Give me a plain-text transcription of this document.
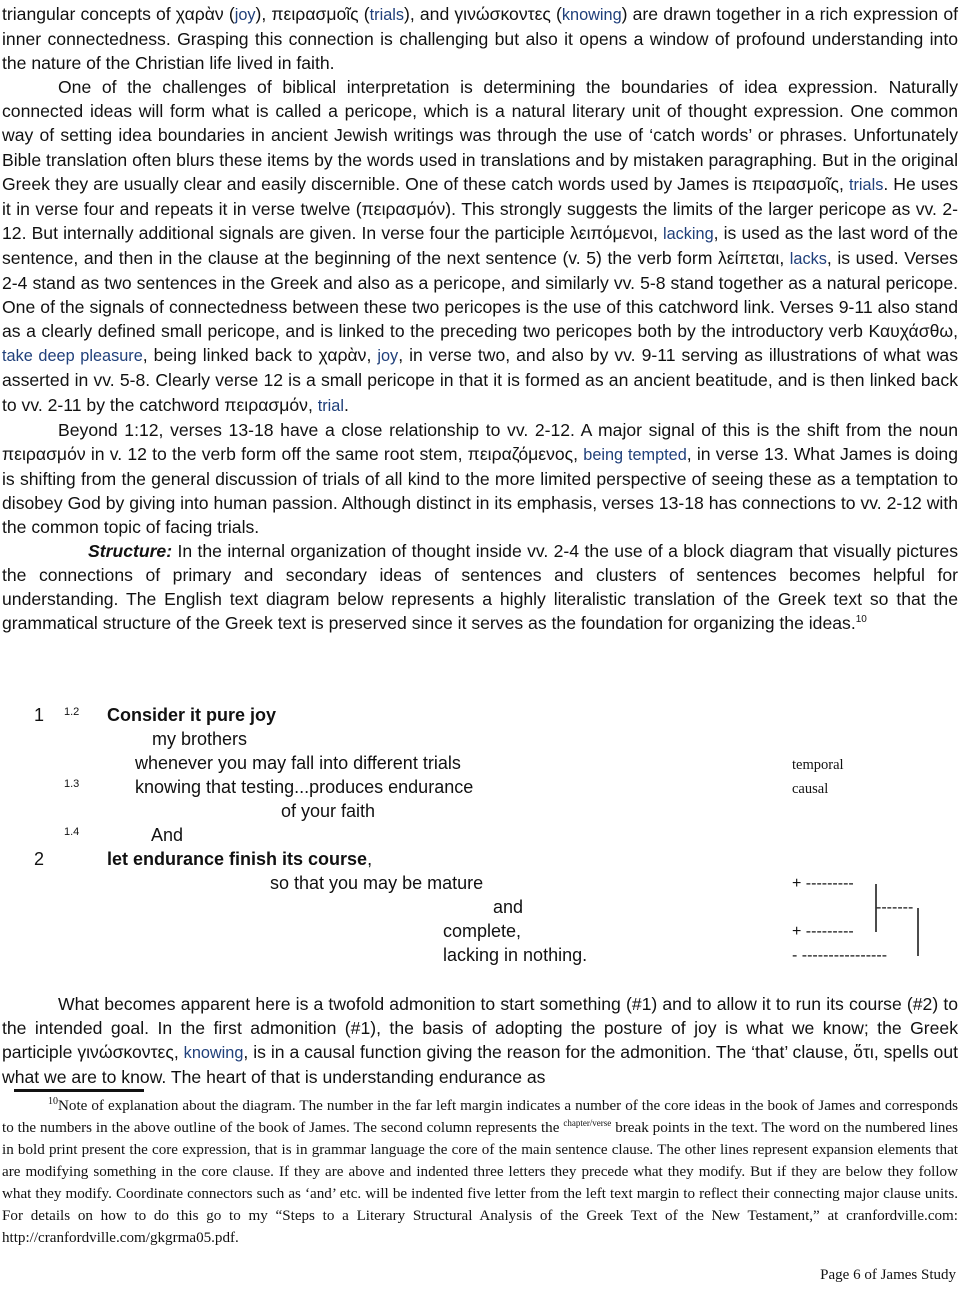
triangular concepts of χαρὰν (joy), πειρασμοῖς (trials), and γινώσκοντες (knowing) are drawn together in a rich expression of inner connectedness. Grasping this connection is challenging but also it opens a window of profound understanding into the nature of the Christian life lived in faith.

One of the challenges of biblical interpretation is determining the boundaries of idea expression. Naturally connected ideas will form what is called a pericope, which is a natural literary unit of thought expression. One common way of setting idea boundaries in ancient Jewish writings was through the use of ‘catch words’ or phrases. Unfortunately Bible translation often blurs these items by the words used in translations and by mistaken paragraphing. But in the original Greek they are usually clear and easily discernible. One of these catch words used by James is πειρασμοῖς, trials. He uses it in verse four and repeats it in verse twelve (πειρασμόν). This strongly suggests the limits of the larger pericope as vv. 2-12. But internally additional signals are given. In verse four the participle λειπόμενοι, lacking, is used as the last word of the sentence, and then in the clause at the beginning of the next sentence (v. 5) the verb form λείπεται, lacks, is used. Verses 2-4 stand as two sentences in the Greek and also as a pericope, and similarly vv. 5-8 stand together as a natural pericope. One of the signals of connectedness between these two pericopes is the use of this catchword link. Verses 9-11 also stand as a clearly defined small pericope, and is linked to the preceding two pericopes both by the introductory verb Καυχάσθω, take deep pleasure, being linked back to χαρὰν, joy, in verse two, and also by vv. 9-11 serving as illustrations of what was asserted in vv. 5-8. Clearly verse 12 is a small pericope in that it is formed as an ancient beatitude, and is then linked back to vv. 2-11 by the catchword πειρασμόν, trial.

Beyond 1:12, verses 13-18 have a close relationship to vv. 2-12. A major signal of this is the shift from the noun πειρασμόν in v. 12 to the verb form off the same root stem, πειραζόμενος, being tempted, in verse 13. What James is doing is shifting from the general discussion of trials of all kind to the more limited perspective of seeing these as a temptation to disobey God by giving into human passion. Although distinct in its emphasis, verses 13-18 has connections to vv. 2-12 with the common topic of facing trials.

Structure: In the internal organization of thought inside vv. 2-4 the use of a block diagram that visually pictures the connections of primary and secondary ideas of sentences and clusters of sentences becomes helpful for understanding. The English text diagram below represents a highly literalistic translation of the Greek text so that the grammatical structure of the Greek text is preserved since it serves as the foundation for organizing the ideas.$^{10}$

1 1.2 Consider it pure joy
my brothers
whenever you may fall into different trials	temporal
1.3	knowing that testing...produces endurance	causal
of your faith
1.4	And
2	let endurance finish its course,
so that you may be mature	+ ---------
and	-------
complete,	+ ---------
lacking in nothing.	- ----------------

What becomes apparent here is a twofold admonition to start something (#1) and to allow it to run its course (#2) to the intended goal. In the first admonition (#1), the basis of adopting the posture of joy is what we know; the Greek participle γινώσκοντες, knowing, is in a causal function giving the reason for the admonition. The ‘that’ clause, ὅτι, spells out what we are to know. The heart of that is understanding endurance as

$^{10}$Note of explanation about the diagram. The number in the far left margin indicates a number of the core ideas in the book of James and corresponds to the numbers in the above outline of the book of James. The second column represents the $^{chapter/verse}$ break points in the text. The word on the numbered lines in bold print present the core expression, that is in grammar language the core of the main sentence clause. The other lines represent expansion elements that are modifying something in the core clause. If they are above and indented three letters they precede what they modify. But if they are below they follow what they modify. Coordinate connectors such as ‘and’ etc. will be indented five letter from the left text margin to reflect their connecting major clause units. For details on how to do this go to my “Steps to a Literary Structural Analysis of the Greek Text of the New Testament,” at cranfordville.com: http://cranfordville.com/gkgrma05.pdf.

Page 6 of James Study
